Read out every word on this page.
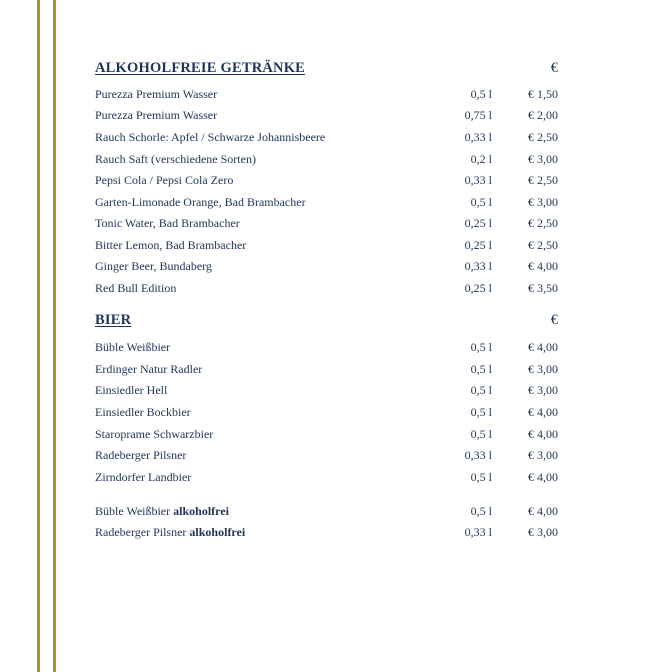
ALKOHOLFREIE GETRÄNKE	€
Purezza Premium Wasser	0,5 l	€ 1,50
Purezza Premium Wasser	0,75 l	€ 2,00
Rauch Schorle: Apfel / Schwarze Johannisbeere	0,33 l	€ 2,50
Rauch Saft (verschiedene Sorten)	0,2 l	€ 3,00
Pepsi Cola / Pepsi Cola Zero	0,33 l	€ 2,50
Garten-Limonade Orange, Bad Brambacher	0,5 l	€ 3,00
Tonic Water, Bad Brambacher	0,25 l	€ 2,50
Bitter Lemon, Bad Brambacher	0,25 l	€ 2,50
Ginger Beer, Bundaberg	0,33 l	€ 4,00
Red Bull Edition	0,25 l	€ 3,50
BIER	€
Büble Weißbier	0,5 l	€ 4,00
Erdinger Natur Radler	0,5 l	€ 3,00
Einsiedler Hell	0,5 l	€ 3,00
Einsiedler Bockbier	0,5 l	€ 4,00
Staroprame Schwarzbier	0,5 l	€ 4,00
Radeberger Pilsner	0,33 l	€ 3,00
Zirndorfer Landbier	0,5 l	€ 4,00
Büble Weißbier alkoholfrei	0,5 l	€ 4,00
Radeberger Pilsner alkoholfrei	0,33 l	€ 3,00
